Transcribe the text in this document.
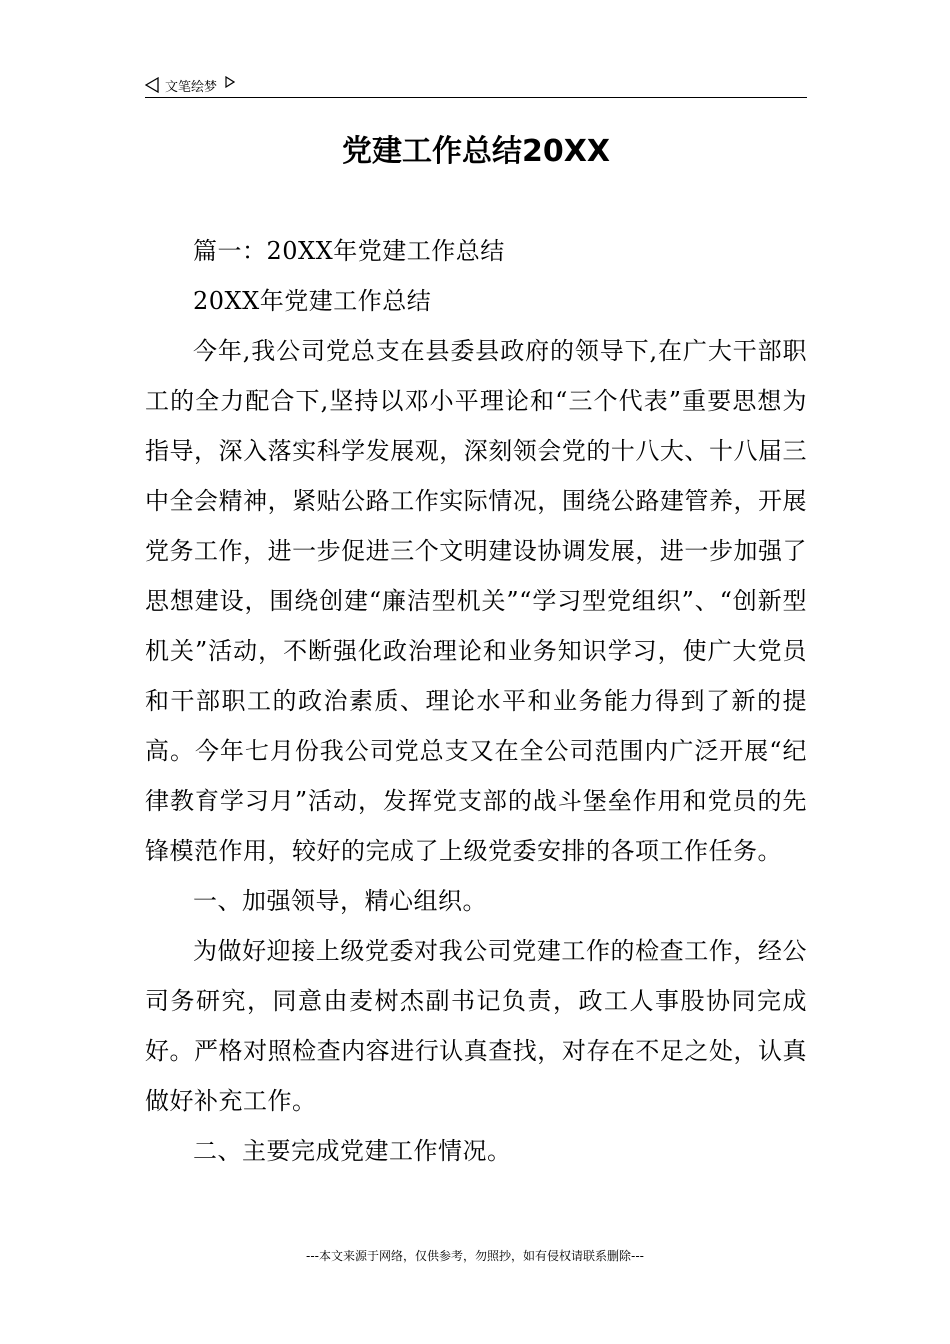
文笔绘梦
党建工作总结20XX

篇一：20XX年党建工作总结

20XX年党建工作总结

今年,我公司党总支在县委县政府的领导下,在广大干部职工的全力配合下,坚持以邓小平理论和“三个代表”重要思想为指导，深入落实科学发展观，深刻领会党的十八大、十八届三中全会精神，紧贴公路工作实际情况，围绕公路建管养，开展党务工作，进一步促进三个文明建设协调发展，进一步加强了思想建设，围绕创建“廉洁型机关”“学习型党组织”、“创新型机关”活动，不断强化政治理论和业务知识学习，使广大党员和干部职工的政治素质、理论水平和业务能力得到了新的提高。今年七月份我公司党总支又在全公司范围内广泛开展“纪律教育学习月”活动，发挥党支部的战斗堡垒作用和党员的先锋模范作用，较好的完成了上级党委安排的各项工作任务。

一、加强领导，精心组织。

为做好迎接上级党委对我公司党建工作的检查工作，经公司务研究，同意由麦树杰副书记负责，政工人事股协同完成好。严格对照检查内容进行认真查找，对存在不足之处，认真做好补充工作。

二、主要完成党建工作情况。

---本文来源于网络，仅供参考，勿照抄，如有侵权请联系删除---
